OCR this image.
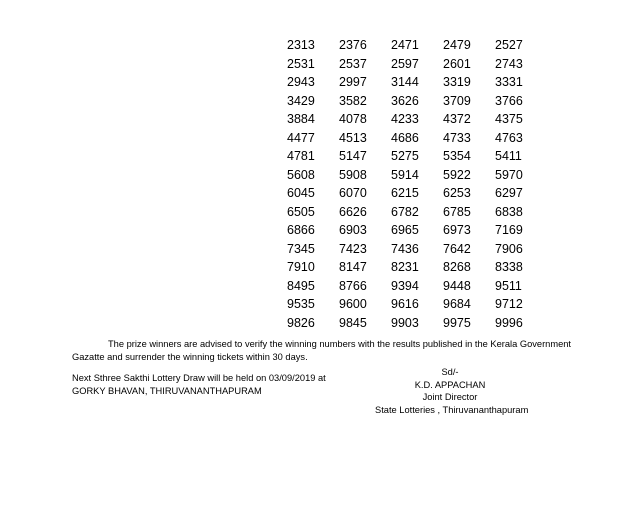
2313	2376	2471	2479	2527
2531	2537	2597	2601	2743
2943	2997	3144	3319	3331
3429	3582	3626	3709	3766
3884	4078	4233	4372	4375
4477	4513	4686	4733	4763
4781	5147	5275	5354	5411
5608	5908	5914	5922	5970
6045	6070	6215	6253	6297
6505	6626	6782	6785	6838
6866	6903	6965	6973	7169
7345	7423	7436	7642	7906
7910	8147	8231	8268	8338
8495	8766	9394	9448	9511
9535	9600	9616	9684	9712
9826	9845	9903	9975	9996
The prize winners are advised to verify the winning numbers with the results published in the Kerala Government
Gazatte and surrender the winning tickets within 30 days.
Next Sthree Sakthi Lottery Draw will be held on 03/09/2019 at
GORKY BHAVAN, THIRUVANANTHAPURAM
Sd/-
K.D. APPACHAN
Joint Director
State Lotteries , Thiruvananthapuram
